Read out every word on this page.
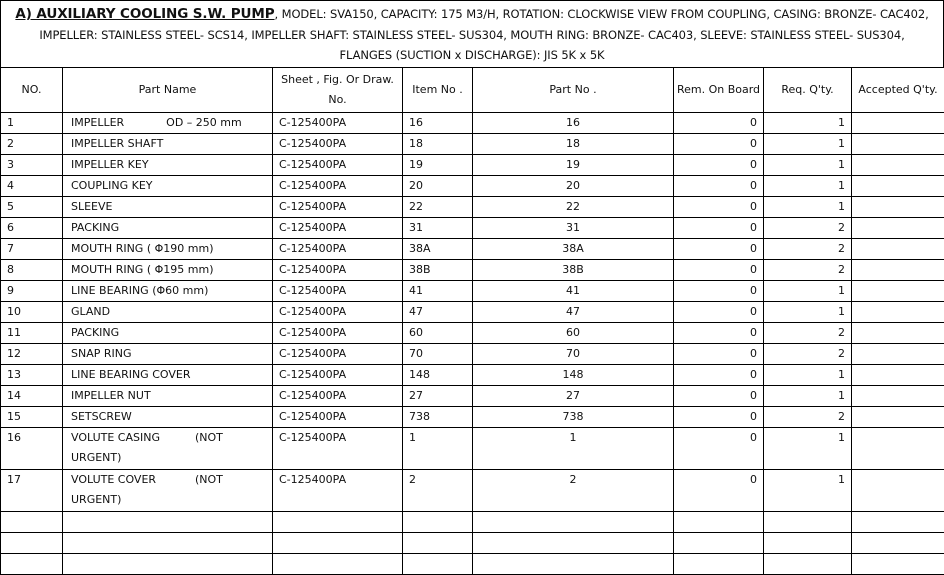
A) AUXILIARY COOLING S.W. PUMP, MODEL: SVA150, CAPACITY: 175 M3/H, ROTATION: CLOCKWISE VIEW FROM COUPLING, CASING: BRONZE- CAC402,
IMPELLER: STAINLESS STEEL- SCS14, IMPELLER SHAFT: STAINLESS STEEL- SUS304, MOUTH RING: BRONZE- CAC403, SLEEVE: STAINLESS STEEL- SUS304,
FLANGES (SUCTION x DISCHARGE): JIS 5K x 5K
NO.	Part Name	Sheet , Fig. Or Draw. No.	Item No .	Part No .	Rem. On Board	Req. Q'ty.	Accepted Q'ty.
1	IMPELLER OD – 250 mm	C-125400PA	16	16	0	1	
2	IMPELLER SHAFT	C-125400PA	18	18	0	1	
3	IMPELLER KEY	C-125400PA	19	19	0	1	
4	COUPLING KEY	C-125400PA	20	20	0	1	
5	SLEEVE	C-125400PA	22	22	0	1	
6	PACKING	C-125400PA	31	31	0	2	
7	MOUTH RING ( Φ190 mm)	C-125400PA	38A	38A	0	2	
8	MOUTH RING ( Φ195 mm)	C-125400PA	38B	38B	0	2	
9	LINE BEARING (Φ60 mm)	C-125400PA	41	41	0	1	
10	GLAND	C-125400PA	47	47	0	1	
11	PACKING	C-125400PA	60	60	0	2	
12	SNAP RING	C-125400PA	70	70	0	2	
13	LINE BEARING COVER	C-125400PA	148	148	0	1	
14	IMPELLER NUT	C-125400PA	27	27	0	1	
15	SETSCREW	C-125400PA	738	738	0	2	
16	VOLUTE CASING (NOT
URGENT)	C-125400PA	1	1	0	1	
17	VOLUTE COVER (NOT
URGENT)	C-125400PA	2	2	0	1	
